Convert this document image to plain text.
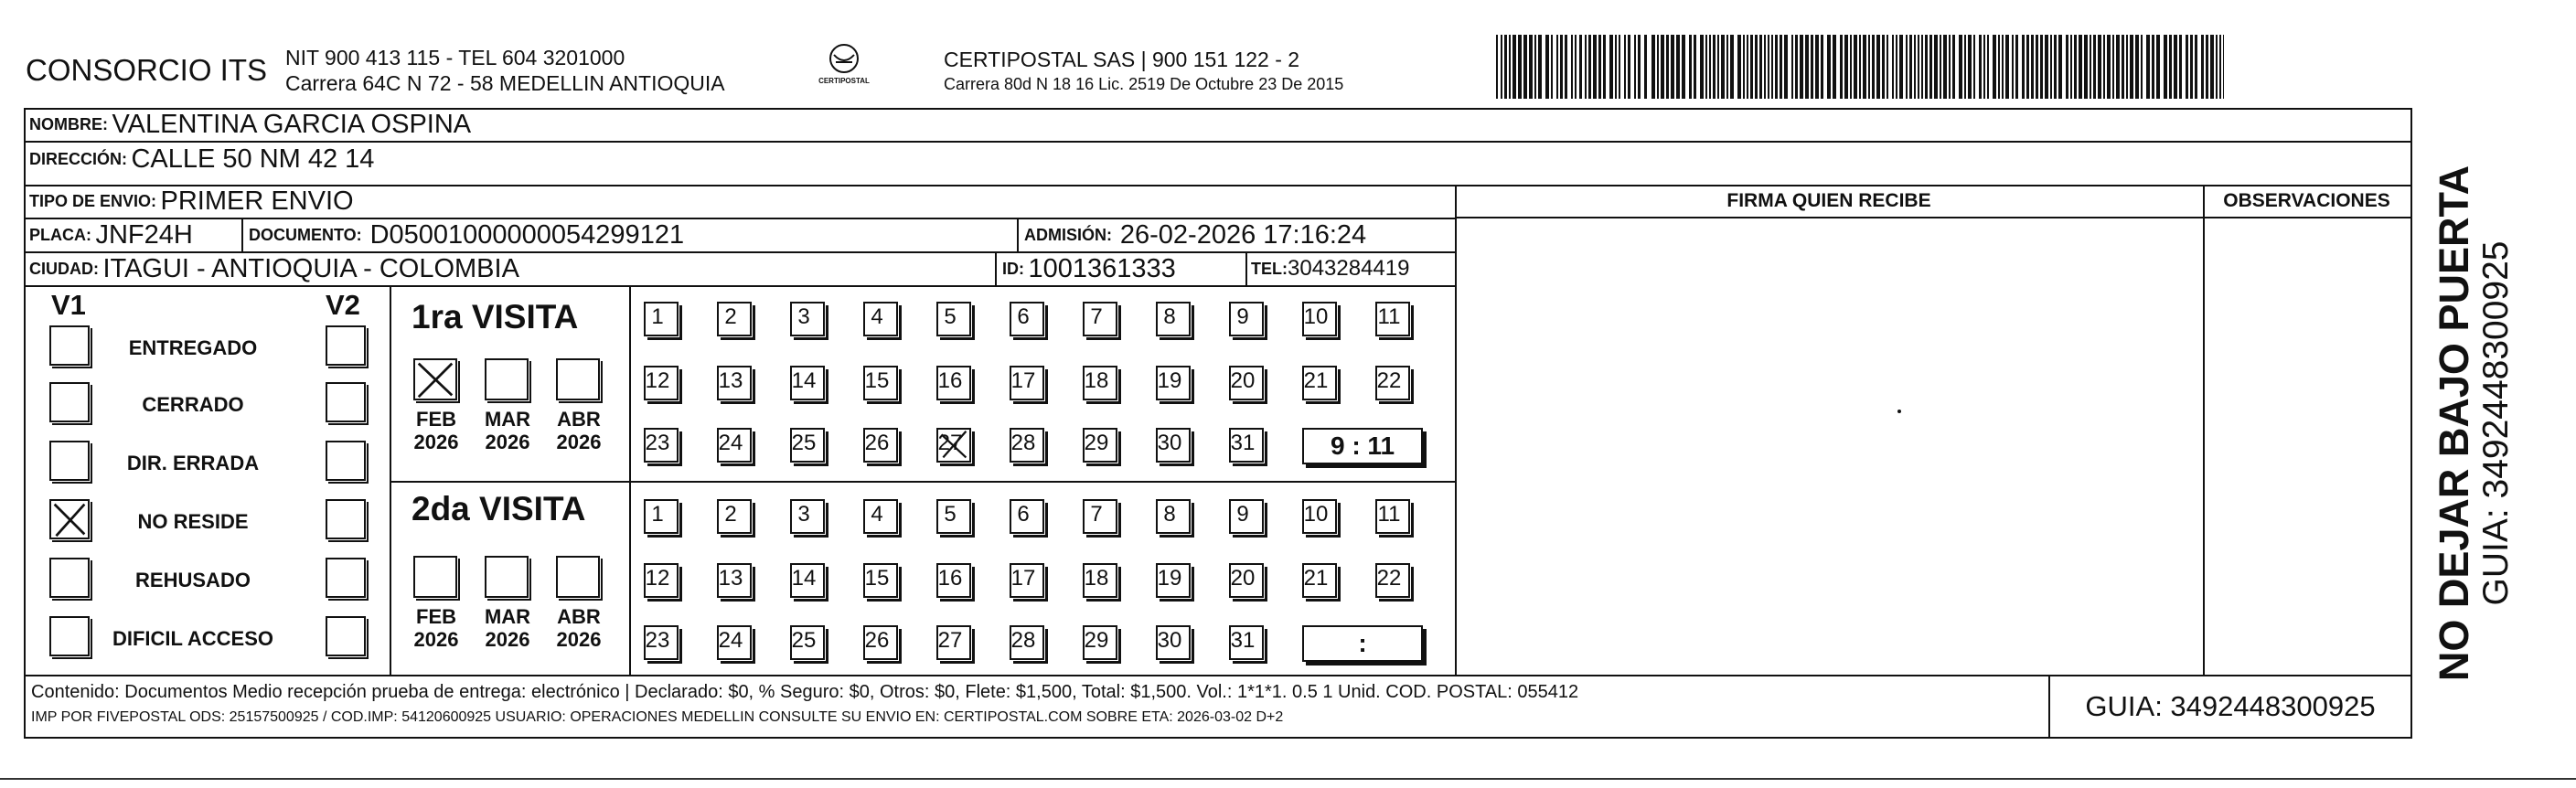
CONSORCIO ITS NIT 900 413 115 - TEL 604 3201000
Carrera 64C N 72 - 58 MEDELLIN ANTIOQUIA	CERTIPOSTAL
CERTIPOSTAL SAS | 900 151 122 - 2
Carrera 80d N 18 16 Lic. 2519 De Octubre 23 De 2015
NOMBRE:
VALENTINA GARCIA OSPINA
DIRECCIÓN:
CALLE 50 NM 42 14
TIPO DE ENVIO:
PRIMER ENVIO
PLACA:
JNF24H	DOCUMENTO:
D05001000000054299121	ADMISIÓN:
26-02-2026 17:16:24
CIUDAD:
ITAGUI - ANTIOQUIA - COLOMBIA	ID:
1001361333	TEL: 3043284419
FIRMA QUIEN RECIBE	OBSERVACIONES
V1	V2
ENTREGADO
CERRADO
DIR. ERRADA
NO RESIDE
REHUSADO
DIFICIL ACCESO
1ra VISITA
FEB
2026
MAR
2026
ABR
2026
1	2	3	4	5	6	7	8	9 10 11
12 13 14 15 16 17 18 19 20 21 22
23 24 25 26 27 28 29 30 31	9 : 11
2da VISITA
FEB
2026
MAR
2026
ABR
2026
1	2	3	4	5	6	7	8	9 10 11
12 13 14 15 16 17 18 19 20 21 22
23 24 25 26 27 28 29 30 31	:
Contenido: Documentos Medio recepción prueba de entrega: electrónico | Declarado: $0, % Seguro: $0, Otros: $0, Flete: $1,500, Total: $1,500. Vol.: 1*1*1. 0.5 1 Unid. COD. POSTAL: 055412
IMP POR FIVEPOSTAL ODS: 25157500925 / COD.IMP: 54120600925 USUARIO: OPERACIONES MEDELLIN CONSULTE SU ENVIO EN: CERTIPOSTAL.COM SOBRE ETA: 2026-03-02 D+2	GUIA: 3492448300925
NO DEJAR BAJO PUERTA GUIA: 3492448300925
